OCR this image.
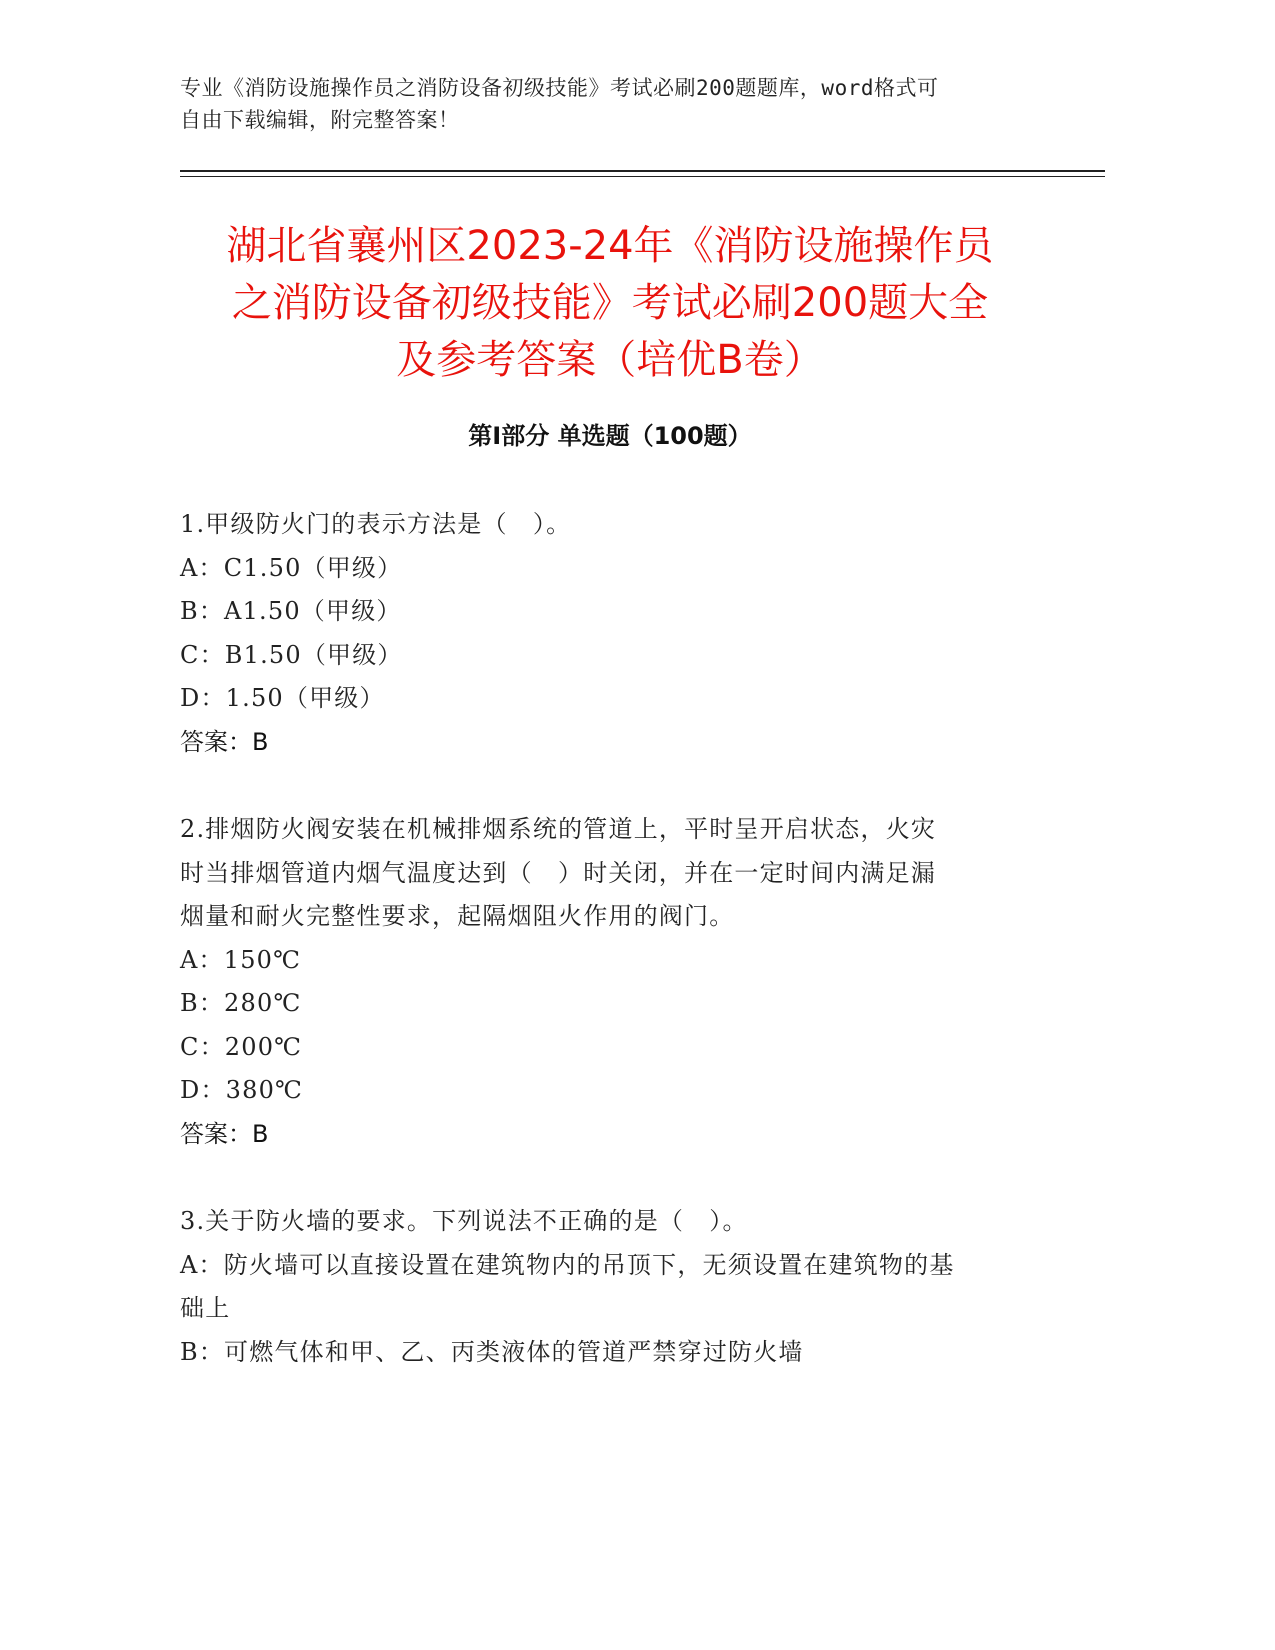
专业《消防设施操作员之消防设备初级技能》考试必刷200题题库，word格式可
自由下载编辑，附完整答案！
湖北省襄州区2023-24年《消防设施操作员
之消防设备初级技能》考试必刷200题大全
及参考答案（培优B卷）
第I部分 单选题（100题）
1.甲级防火门的表示方法是（　）。
A：C1.50（甲级）
B：A1.50（甲级）
C：B1.50（甲级）
D：1.50（甲级）
答案：B
2.排烟防火阀安装在机械排烟系统的管道上，平时呈开启状态，火灾
时当排烟管道内烟气温度达到（　）时关闭，并在一定时间内满足漏
烟量和耐火完整性要求，起隔烟阻火作用的阀门。
A：150℃
B：280℃
C：200℃
D：380℃
答案：B
3.关于防火墙的要求。下列说法不正确的是（　）。
A：防火墙可以直接设置在建筑物内的吊顶下，无须设置在建筑物的基
础上
B：可燃气体和甲、乙、丙类液体的管道严禁穿过防火墙
